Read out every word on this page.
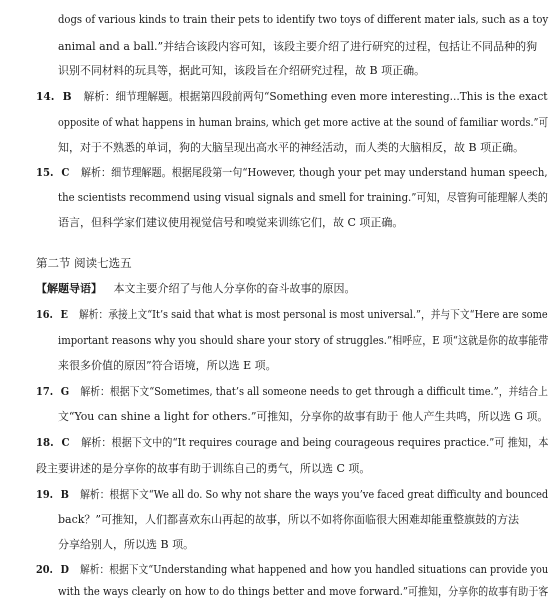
dogs of various kinds to train their pets to identify two toys of different mater ials, such as a toy
animal and a ball.”并结合该段内容可知，该段主要介绍了进行研究的过程，包括让不同品种的狗
识别不同材料的玩具等，据此可知，该段旨在介绍研究过程，故 B 项正确。
14. B 解析：细节理解题。根据第四段前两句“Something even more interesting...This is the exact
opposite of what happens in human brains, which get more active at the sound of familiar words.”可
知，对于不熟悉的单词，狗的大脑呈现出高水平的神经活动，而人类的大脑相反，故 B 项正确。
15. C 解析：细节理解题。根据尾段第一句“However, though your pet may understand human speech,
the scientists recommend using visual signals and smell for training.”可知，尽管狗可能理解人类的
语言，但科学家们建议使用视觉信号和嗅觉来训练它们，故 C 项正确。
第二节 阅读七选五
【解题导语】 本文主要介绍了与他人分享你的奋斗故事的原因。
16. E 解析：承接上文“It’s said that what is most personal is most universal.”，并与下文“Here are some
important reasons why you should share your story of struggles.”相呼应，E 项“这就是你的故事能带
来很多价值的原因”符合语境，所以选 E 项。
17. G 解析：根据下文“Sometimes, that’s all someone needs to get through a difficult time.”，并结合上
文“You can shine a light for others.”可推知，分享你的故事有助于 他人产生共鸣，所以选 G 项。
18. C 解析：根据下文中的“It requires courage and being courageous requires practice.”可 推知，本
段主要讲述的是分享你的故事有助于训练自己的勇气，所以选 C 项。
19. B 解析：根据下文“We all do. So why not share the ways you’ve faced great difficulty and bounced
back？”可推知，人们都喜欢东山再起的故事，所以不如将你面临很大困难却能重整旗鼓的方法
分享给别人，所以选 B 项。
20. D 解析：根据下文“Understanding what happened and how you handled situations can provide you
with the ways clearly on how to do things better and move forward.”可推知，分享你的故事有助于客
